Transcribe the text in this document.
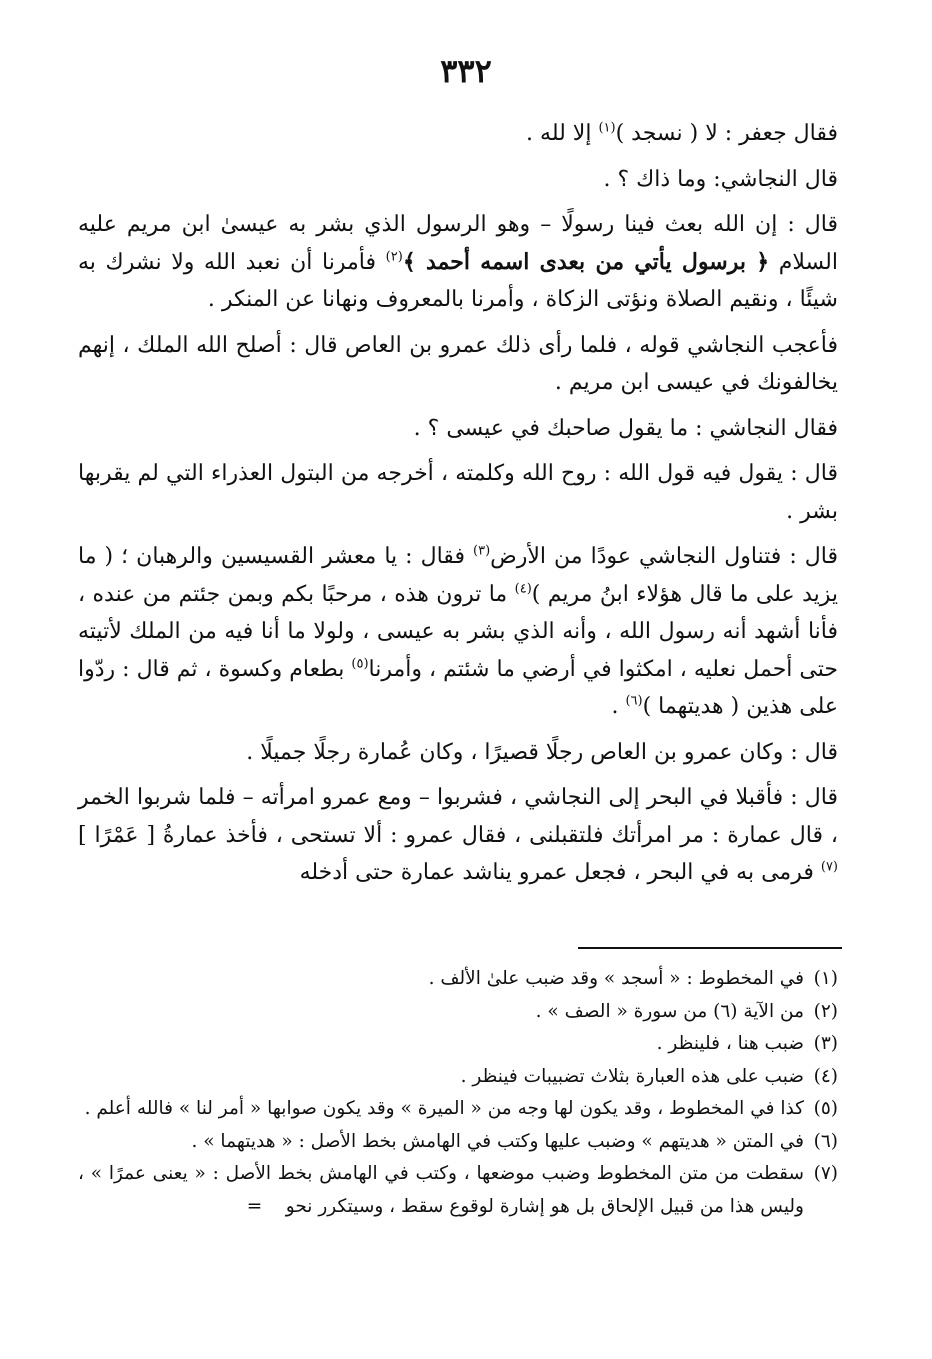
٣٣٢

فقال جعفر : لا ( نسجد )$^{(١)}$ إلا لله .

قال النجاشي: وما ذاك ؟ .

قال : إن الله بعث فينا رسولًا – وهو الرسول الذي بشر به عيسىٰ ابن مريم عليه السلام ﴿ برسول يأتي من بعدى اسمه أحمد ﴾$^{(٢)}$ فأمرنا أن نعبد الله ولا نشرك به شيئًا ، ونقيم الصلاة ونؤتى الزكاة ، وأمرنا بالمعروف ونهانا عن المنكر .

فأعجب النجاشي قوله ، فلما رأى ذلك عمرو بن العاص قال : أصلح الله الملك ، إنهم يخالفونك في عيسى ابن مريم .

فقال النجاشي : ما يقول صاحبك في عيسى ؟ .

قال : يقول فيه قول الله : روح الله وكلمته ، أخرجه من البتول العذراء التي لم يقربها بشر .

قال : فتناول النجاشي عودًا من الأرض$^{(٣)}$ فقال : يا معشر القسيسين والرهبان ؛ ( ما يزيد على ما قال هؤلاء ابنُ مريم )$^{(٤)}$ ما ترون هذه ، مرحبًا بكم وبمن جئتم من عنده ، فأنا أشهد أنه رسول الله ، وأنه الذي بشر به عيسى ، ولولا ما أنا فيه من الملك لأتيته حتى أحمل نعليه ، امكثوا في أرضي ما شئتم ، وأمرنا$^{(٥)}$ بطعام وكسوة ، ثم قال : ردّوا على هذين ( هديتهما )$^{(٦)}$ .

قال : وكان عمرو بن العاص رجلًا قصيرًا ، وكان عُمارة رجلًا جميلًا .

قال : فأقبلا في البحر إلى النجاشي ، فشربوا – ومع عمرو امرأته – فلما شربوا الخمر ، قال عمارة : مر امرأتك فلتقبلنى ، فقال عمرو : ألا تستحى ، فأخذ عمارةُ [ عَمْرًا ]$^{(٧)}$ فرمى به في البحر ، فجعل عمرو يناشد عمارة حتى أدخله

(١)
في المخطوط : « أسجد » وقد ضبب علىٰ الألف .

(٢)
من الآية (٦) من سورة « الصف » .

(٣)
ضبب هنا ، فلينظر .

(٤)
ضبب على هذه العبارة بثلاث تضبيبات فينظر .

(٥)
كذا في المخطوط ، وقد يكون لها وجه من « الميرة » وقد يكون صوابها « أمر لنا » فالله أعلم .

(٦)
في المتن « هديتهم » وضبب عليها وكتب في الهامش بخط الأصل : « هديتهما » .

(٧)
سقطت من متن المخطوط وضبب موضعها ، وكتب في الهامش بخط الأصل : « يعنى عمرًا » ، وليس هذا من قبيل الإلحاق بل هو إشارة لوقوع سقط ، وسيتكرر نحو    =
